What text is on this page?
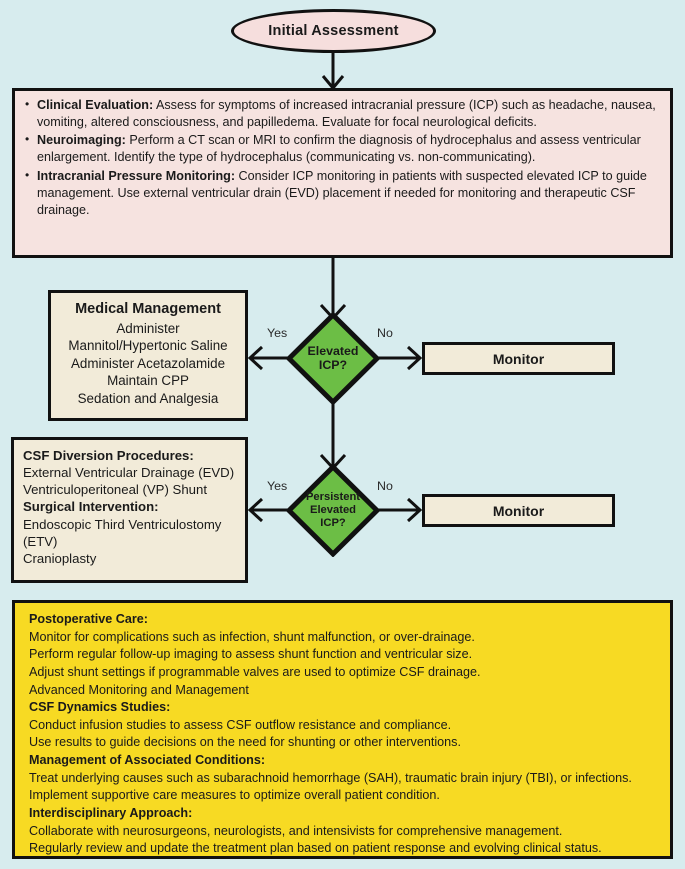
Initial Assessment
• Clinical Evaluation: Assess for symptoms of increased intracranial pressure (ICP) such as headache, nausea, vomiting, altered consciousness, and papilledema. Evaluate for focal neurological deficits.
• Neuroimaging: Perform a CT scan or MRI to confirm the diagnosis of hydrocephalus and assess ventricular enlargement. Identify the type of hydrocephalus (communicating vs. non-communicating).
• Intracranial Pressure Monitoring: Consider ICP monitoring in patients with suspected elevated ICP to guide management. Use external ventricular drain (EVD) placement if needed for monitoring and therapeutic CSF drainage.
Medical Management
Administer
Mannitol/Hypertonic Saline
Administer Acetazolamide
Maintain CPP
Sedation and Analgesia
Elevated
ICP?
Yes	No
Monitor
CSF Diversion Procedures:
External Ventricular Drainage (EVD)
Ventriculoperitoneal (VP) Shunt
Surgical Intervention:
Endoscopic Third Ventriculostomy
(ETV)
Cranioplasty
Persistent
Elevated
ICP?
Yes	No
Monitor
Postoperative Care:
Monitor for complications such as infection, shunt malfunction, or over-drainage.
Perform regular follow-up imaging to assess shunt function and ventricular size.
Adjust shunt settings if programmable valves are used to optimize CSF drainage.
Advanced Monitoring and Management
CSF Dynamics Studies:
Conduct infusion studies to assess CSF outflow resistance and compliance.
Use results to guide decisions on the need for shunting or other interventions.
Management of Associated Conditions:
Treat underlying causes such as subarachnoid hemorrhage (SAH), traumatic brain injury (TBI), or infections.
Implement supportive care measures to optimize overall patient condition.
Interdisciplinary Approach:
Collaborate with neurosurgeons, neurologists, and intensivists for comprehensive management.
Regularly review and update the treatment plan based on patient response and evolving clinical status.
